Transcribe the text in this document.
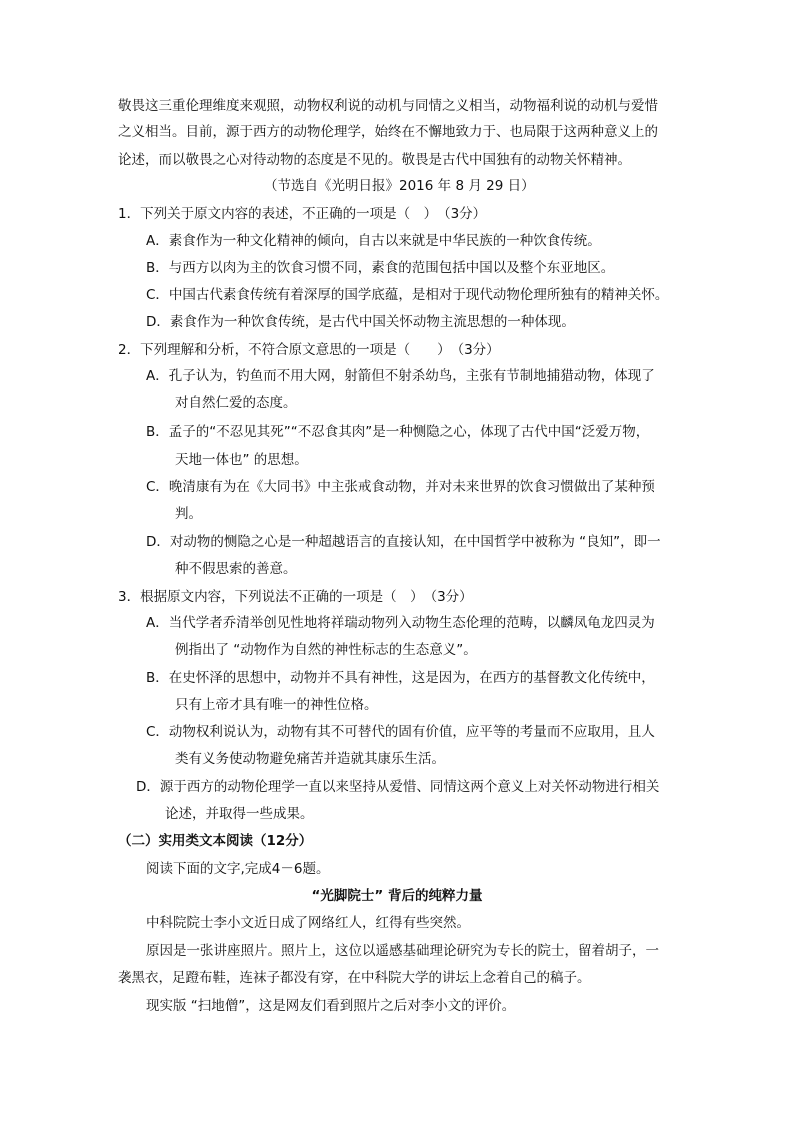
敬畏这三重伦理维度来观照，动物权利说的动机与同情之义相当，动物福利说的动机与爱惜
之义相当。目前，源于西方的动物伦理学，始终在不懈地致力于、也局限于这两种意义上的
论述，而以敬畏之心对待动物的态度是不见的。敬畏是古代中国独有的动物关怀精神。
（节选自《光明日报》2016 年 8 月 29 日）
1．下列关于原文内容的表述，不正确的一项是（　）　（3分）
A．素食作为一种文化精神的倾向，自古以来就是中华民族的一种饮食传统。
B．与西方以肉为主的饮食习惯不同，素食的范围包括中国以及整个东亚地区。
C．中国古代素食传统有着深厚的国学底蕴，是相对于现代动物伦理所独有的精神关怀。
D．素食作为一种饮食传统，是古代中国关怀动物主流思想的一种体现。
2．下列理解和分析，不符合原文意思的一项是（　　）　（3分）
A．孔子认为，钓鱼而不用大网，射箭但不射杀幼鸟，主张有节制地捕猎动物，体现了
对自然仁爱的态度。
B．孟子的“不忍见其死”“不忍食其肉”是一种恻隐之心，体现了古代中国“泛爱万物，
天地一体也” 的思想。
C．晚清康有为在《大同书》中主张戒食动物，并对未来世界的饮食习惯做出了某种预
判。
D．对动物的恻隐之心是一种超越语言的直接认知，在中国哲学中被称为 “良知”，即一
种不假思索的善意。
3．根据原文内容，下列说法不正确的一项是（　）　（3分）
A．当代学者乔清举创见性地将祥瑞动物列入动物生态伦理的范畴，以麟凤龟龙四灵为
例指出了 “动物作为自然的神性标志的生态意义”。
B．在史怀泽的思想中，动物并不具有神性，这是因为，在西方的基督教文化传统中，
只有上帝才具有唯一的神性位格。
C．动物权利说认为，动物有其不可替代的固有价值，应平等的考量而不应取用，且人
类有义务使动物避免痛苦并造就其康乐生活。
D．源于西方的动物伦理学一直以来坚持从爱惜、同情这两个意义上对关怀动物进行相关
论述，并取得一些成果。
（二）实用类文本阅读（12分）
阅读下面的文字,完成4－6题。
“光脚院士” 背后的纯粹力量
中科院院士李小文近日成了网络红人，红得有些突然。
原因是一张讲座照片。照片上，这位以遥感基础理论研究为专长的院士，留着胡子，一
袭黑衣，足蹬布鞋，连袜子都没有穿，在中科院大学的讲坛上念着自己的稿子。
现实版 “扫地僧”，这是网友们看到照片之后对李小文的评价。
